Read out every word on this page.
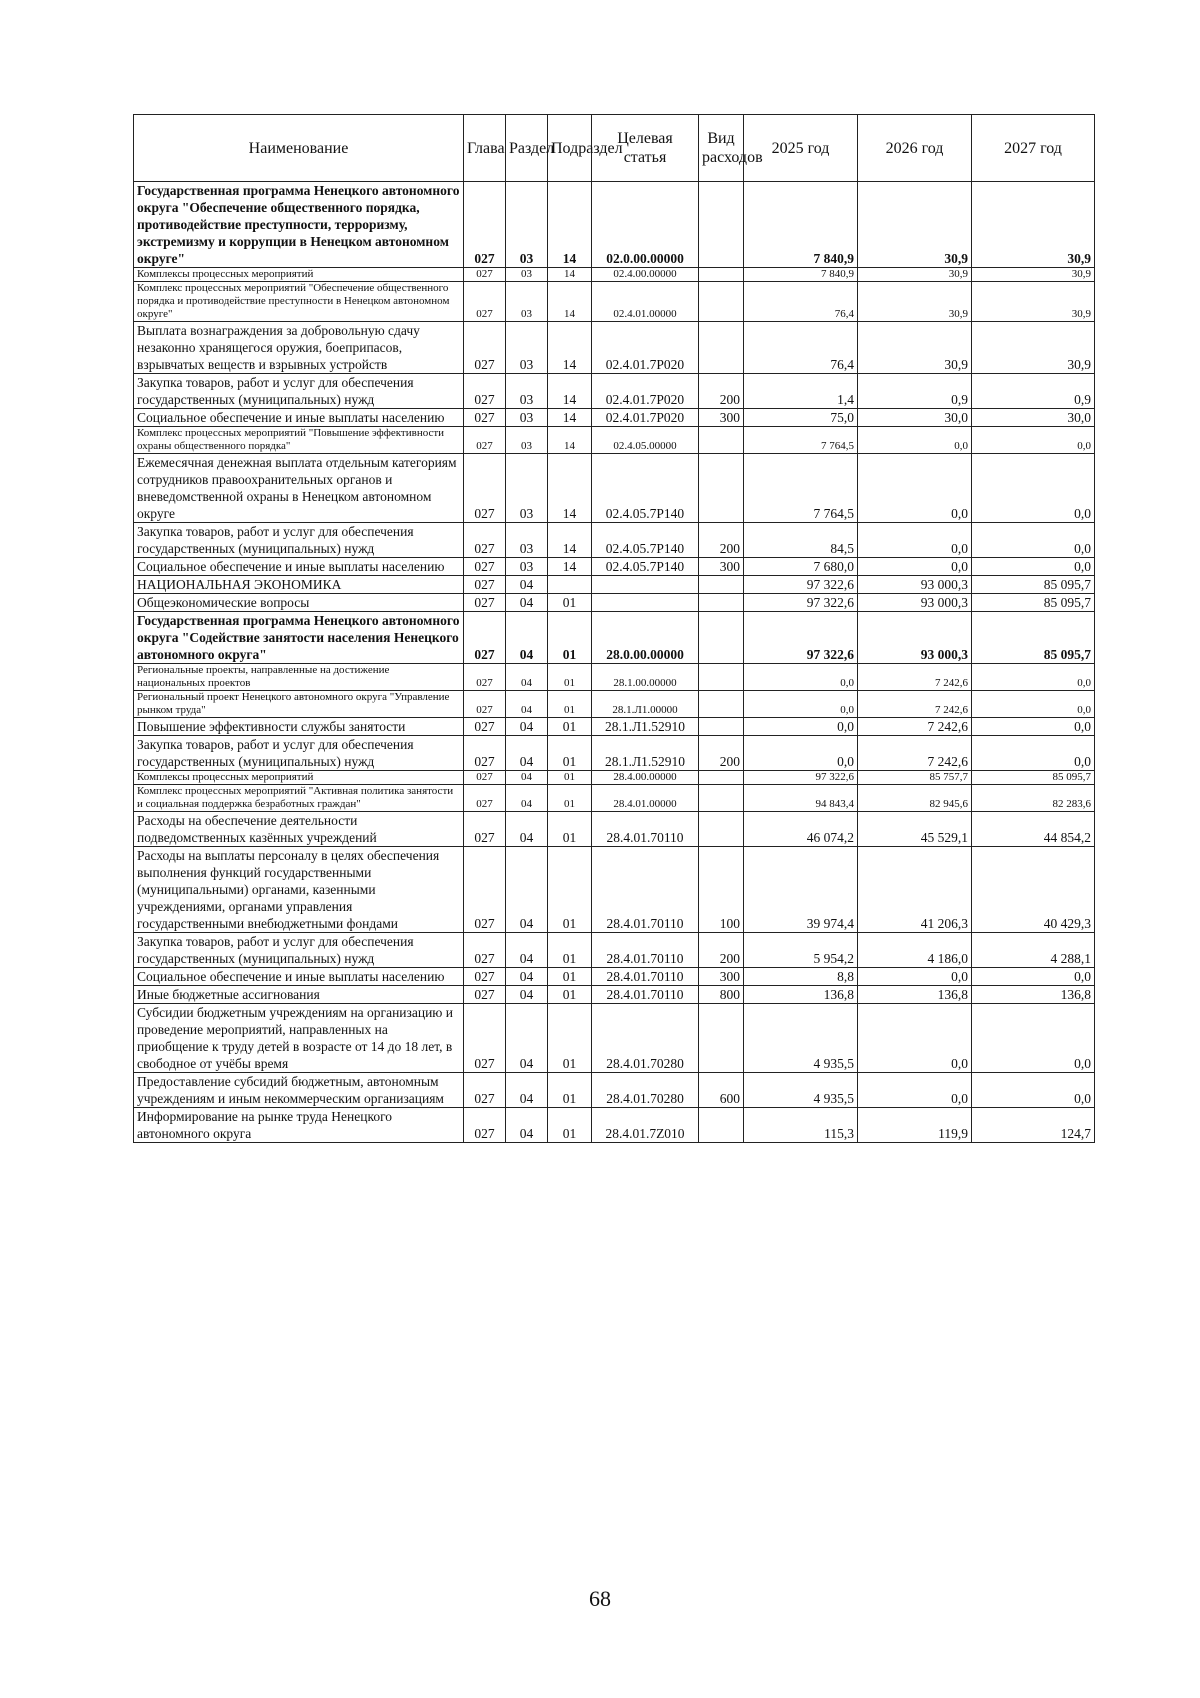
Наименование	Глава	Раздел	Подраздел	Целевая статья	Вид расходов	2025 год	2026 год	2027 год
Государственная программа Ненецкого автономного округа "Обеспечение общественного порядка, противодействие преступности, терроризму, экстремизму и коррупции в Ненецком автономном округе"	027	03	14	02.0.00.00000		7 840,9	30,9	30,9
Комплексы процессных мероприятий	027	03	14	02.4.00.00000		7 840,9	30,9	30,9
Комплекс процессных мероприятий "Обеспечение общественного порядка и противодействие преступности в Ненецком автономном округе"	027	03	14	02.4.01.00000		76,4	30,9	30,9
Выплата вознаграждения за добровольную сдачу незаконно хранящегося оружия, боеприпасов, взрывчатых веществ и взрывных устройств	027	03	14	02.4.01.7Р020		76,4	30,9	30,9
Закупка товаров, работ и услуг для обеспечения государственных (муниципальных) нужд	027	03	14	02.4.01.7Р020	200	1,4	0,9	0,9
Социальное обеспечение и иные выплаты населению	027	03	14	02.4.01.7Р020	300	75,0	30,0	30,0
Комплекс процессных мероприятий "Повышение эффективности охраны общественного порядка"	027	03	14	02.4.05.00000		7 764,5	0,0	0,0
Ежемесячная денежная выплата отдельным категориям сотрудников правоохранительных органов и вневедомственной охраны в Ненецком автономном округе	027	03	14	02.4.05.7Р140		7 764,5	0,0	0,0
Закупка товаров, работ и услуг для обеспечения государственных (муниципальных) нужд	027	03	14	02.4.05.7Р140	200	84,5	0,0	0,0
Социальное обеспечение и иные выплаты населению	027	03	14	02.4.05.7Р140	300	7 680,0	0,0	0,0
НАЦИОНАЛЬНАЯ ЭКОНОМИКА	027	04				97 322,6	93 000,3	85 095,7
Общеэкономические вопросы	027	04	01			97 322,6	93 000,3	85 095,7
Государственная программа Ненецкого автономного округа "Содействие занятости населения Ненецкого автономного округа"	027	04	01	28.0.00.00000		97 322,6	93 000,3	85 095,7
Региональные проекты, направленные на достижение национальных проектов	027	04	01	28.1.00.00000		0,0	7 242,6	0,0
Региональный проект Ненецкого автономного округа "Управление рынком труда"	027	04	01	28.1.Л1.00000		0,0	7 242,6	0,0
Повышение эффективности службы занятости	027	04	01	28.1.Л1.52910		0,0	7 242,6	0,0
Закупка товаров, работ и услуг для обеспечения государственных (муниципальных) нужд	027	04	01	28.1.Л1.52910	200	0,0	7 242,6	0,0
Комплексы процессных мероприятий	027	04	01	28.4.00.00000		97 322,6	85 757,7	85 095,7
Комплекс процессных мероприятий "Активная политика занятости и социальная поддержка безработных граждан"	027	04	01	28.4.01.00000		94 843,4	82 945,6	82 283,6
Расходы на обеспечение деятельности подведомственных казённых учреждений	027	04	01	28.4.01.70110		46 074,2	45 529,1	44 854,2
Расходы на выплаты персоналу в целях обеспечения выполнения функций государственными (муниципальными) органами, казенными учреждениями, органами управления государственными внебюджетными фондами	027	04	01	28.4.01.70110	100	39 974,4	41 206,3	40 429,3
Закупка товаров, работ и услуг для обеспечения государственных (муниципальных) нужд	027	04	01	28.4.01.70110	200	5 954,2	4 186,0	4 288,1
Социальное обеспечение и иные выплаты населению	027	04	01	28.4.01.70110	300	8,8	0,0	0,0
Иные бюджетные ассигнования	027	04	01	28.4.01.70110	800	136,8	136,8	136,8
Субсидии бюджетным учреждениям на организацию и проведение мероприятий, направленных на приобщение к труду детей в возрасте от 14 до 18 лет, в свободное от учёбы время	027	04	01	28.4.01.70280		4 935,5	0,0	0,0
Предоставление субсидий бюджетным, автономным учреждениям и иным некоммерческим организациям	027	04	01	28.4.01.70280	600	4 935,5	0,0	0,0
Информирование на рынке труда Ненецкого автономного округа	027	04	01	28.4.01.7Z010		115,3	119,9	124,7
68
